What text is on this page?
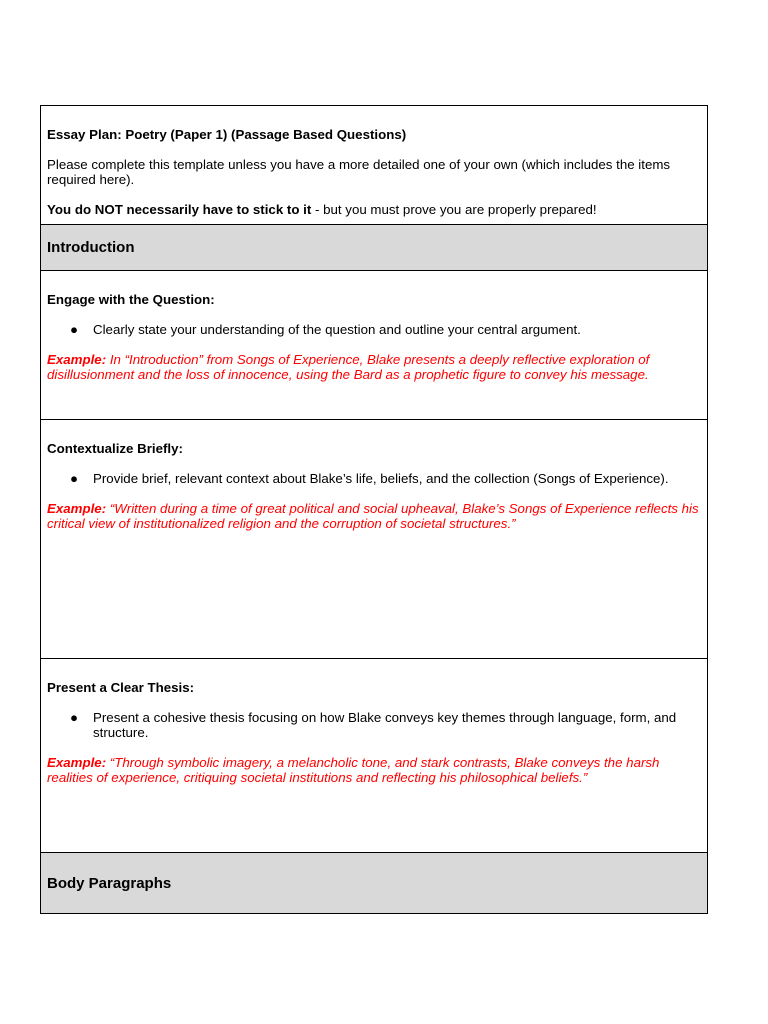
Essay Plan: Poetry (Paper 1) (Passage Based Questions)

Please complete this template unless you have a more detailed one of your own (which includes the items required here).

You do NOT necessarily have to stick to it - but you must prove you are properly prepared!

Introduction

Engage with the Question:

●	Clearly state your understanding of the question and outline your central argument.

Example: In “Introduction” from Songs of Experience, Blake presents a deeply reflective exploration of disillusionment and the loss of innocence, using the Bard as a prophetic figure to convey his message.

Contextualize Briefly:

●	Provide brief, relevant context about Blake’s life, beliefs, and the collection (Songs of Experience).

Example: “Written during a time of great political and social upheaval, Blake’s Songs of Experience reflects his critical view of institutionalized religion and the corruption of societal structures.”

Present a Clear Thesis:

●	Present a cohesive thesis focusing on how Blake conveys key themes through language, form, and structure.

Example: “Through symbolic imagery, a melancholic tone, and stark contrasts, Blake conveys the harsh realities of experience, critiquing societal institutions and reflecting his philosophical beliefs.”

Body Paragraphs
